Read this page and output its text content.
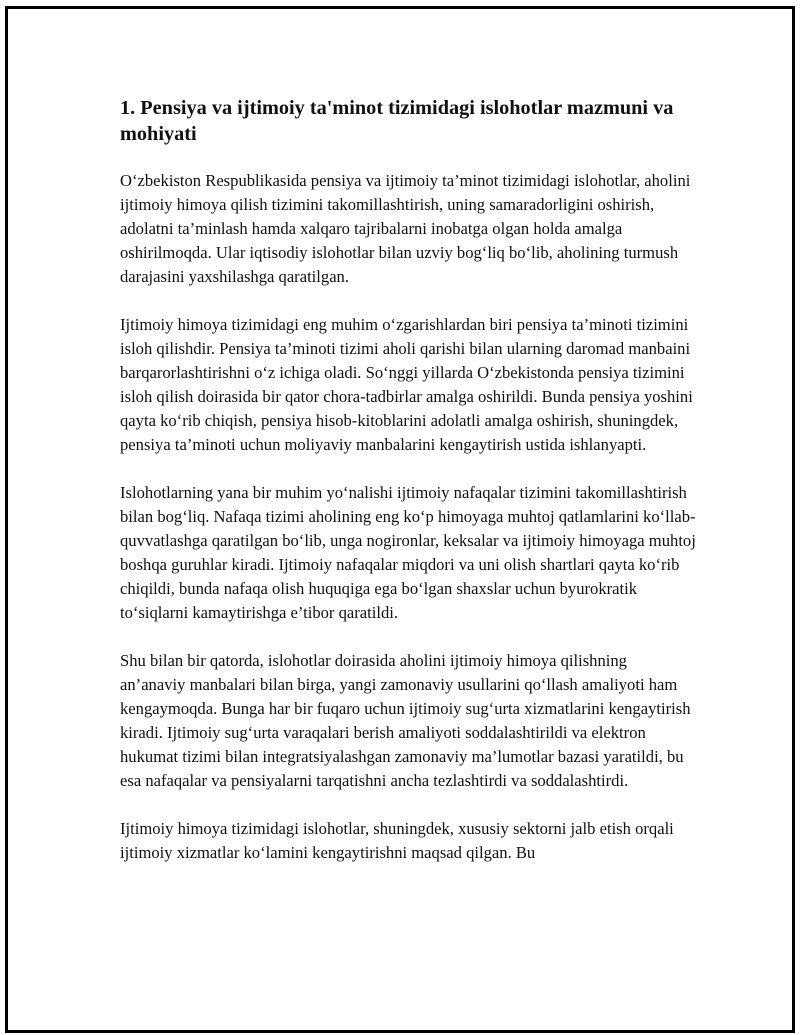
1. Pensiya va ijtimoiy ta'minot tizimidagi islohotlar mazmuni va mohiyati

O‘zbekiston Respublikasida pensiya va ijtimoiy ta’minot tizimidagi islohotlar, aholini ijtimoiy himoya qilish tizimini takomillashtirish, uning samaradorligini oshirish, adolatni ta’minlash hamda xalqaro tajribalarni inobatga olgan holda amalga oshirilmoqda. Ular iqtisodiy islohotlar bilan uzviy bog‘liq bo‘lib, aholining turmush darajasini yaxshilashga qaratilgan.

Ijtimoiy himoya tizimidagi eng muhim o‘zgarishlardan biri pensiya ta’minoti tizimini isloh qilishdir. Pensiya ta’minoti tizimi aholi qarishi bilan ularning daromad manbaini barqarorlashtirishni o‘z ichiga oladi. So‘nggi yillarda O‘zbekistonda pensiya tizimini isloh qilish doirasida bir qator chora-tadbirlar amalga oshirildi. Bunda pensiya yoshini qayta ko‘rib chiqish, pensiya hisob-kitoblarini adolatli amalga oshirish, shuningdek, pensiya ta’minoti uchun moliyaviy manbalarini kengaytirish ustida ishlanyapti.

Islohotlarning yana bir muhim yo‘nalishi ijtimoiy nafaqalar tizimini takomillashtirish bilan bog‘liq. Nafaqa tizimi aholining eng ko‘p himoyaga muhtoj qatlamlarini ko‘llab-quvvatlashga qaratilgan bo‘lib, unga nogironlar, keksalar va ijtimoiy himoyaga muhtoj boshqa guruhlar kiradi. Ijtimoiy nafaqalar miqdori va uni olish shartlari qayta ko‘rib chiqildi, bunda nafaqa olish huquqiga ega bo‘lgan shaxslar uchun byurokratik to‘siqlarni kamaytirishga e’tibor qaratildi.

Shu bilan bir qatorda, islohotlar doirasida aholini ijtimoiy himoya qilishning an’anaviy manbalari bilan birga, yangi zamonaviy usullarini qo‘llash amaliyoti ham kengaymoqda. Bunga har bir fuqaro uchun ijtimoiy sug‘urta xizmatlarini kengaytirish kiradi. Ijtimoiy sug‘urta varaqalari berish amaliyoti soddalashtirildi va elektron hukumat tizimi bilan integratsiyalashgan zamonaviy ma’lumotlar bazasi yaratildi, bu esa nafaqalar va pensiyalarni tarqatishni ancha tezlashtirdi va soddalashtirdi.

Ijtimoiy himoya tizimidagi islohotlar, shuningdek, xususiy sektorni jalb etish orqali ijtimoiy xizmatlar ko‘lamini kengaytirishni maqsad qilgan. Bu
